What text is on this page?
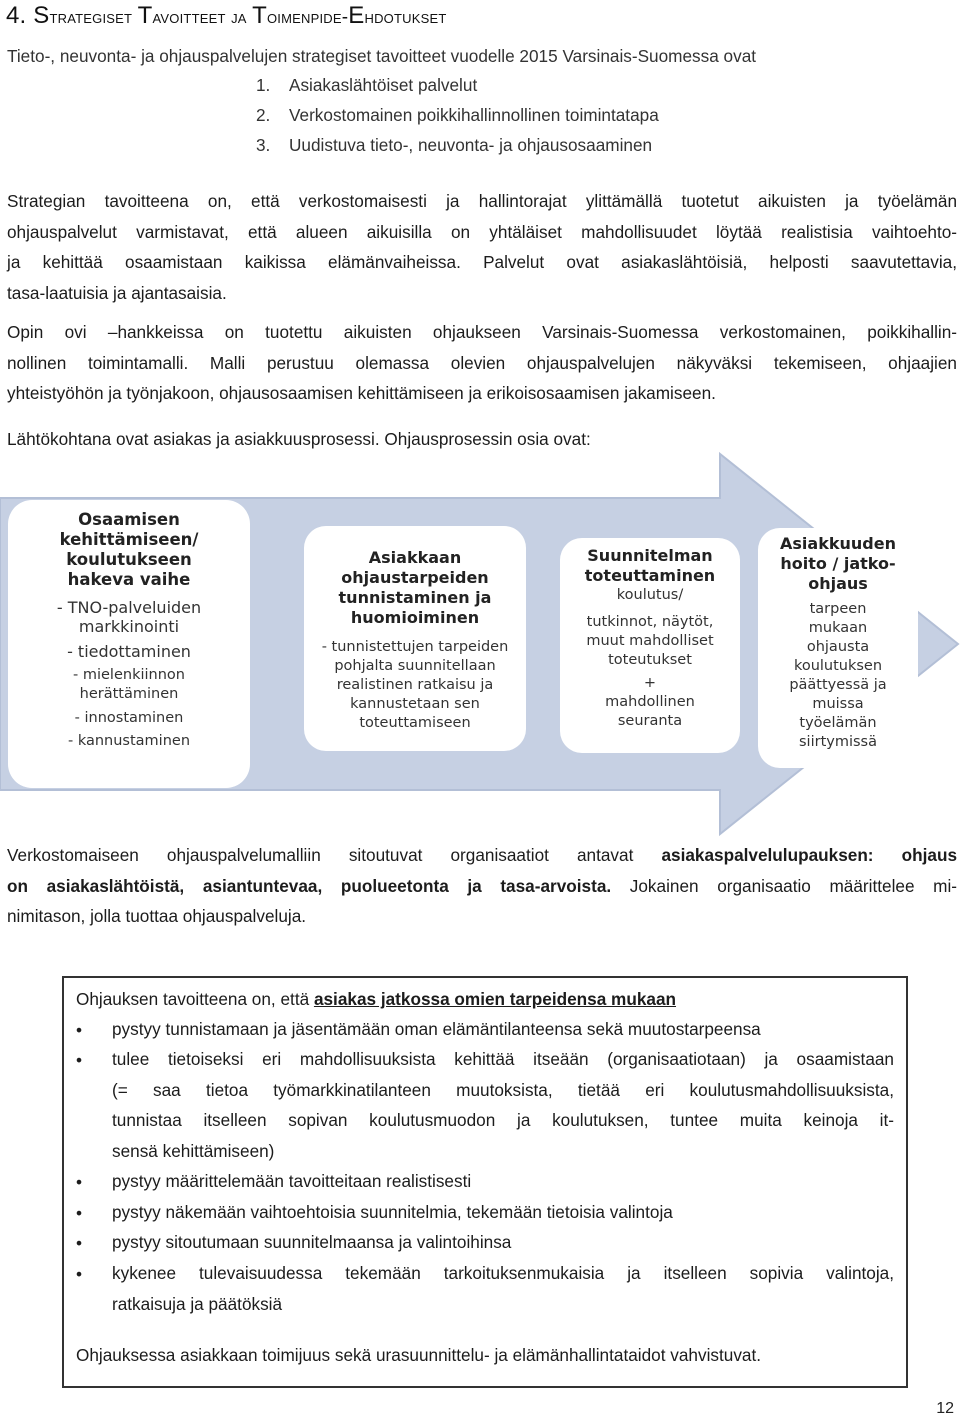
4. Strategiset Tavoitteet ja Toimenpide-Ehdotukset
Tieto-, neuvonta- ja ohjauspalvelujen strategiset tavoitteet vuodelle 2015 Varsinais-Suomessa ovat
1. Asiakaslähtöiset palvelut
2. Verkostomainen poikkihallinnollinen toimintatapa
3. Uudistuva tieto-, neuvonta- ja ohjausosaaminen
Strategian tavoitteena on, että verkostomaisesti ja hallintorajat ylittämällä tuotetut aikuisten ja työelämän
ohjauspalvelut varmistavat, että alueen aikuisilla on yhtäläiset mahdollisuudet löytää realistisia vaihtoehto-
ja kehittää osaamistaan kaikissa elämänvaiheissa. Palvelut ovat asiakaslähtöisiä, helposti saavutettavia,
tasa-laatuisia ja ajantasaisia.
Opin ovi –hankkeissa on tuotettu aikuisten ohjaukseen Varsinais-Suomessa verkostomainen, poikkihallin-
nollinen toimintamalli. Malli perustuu olemassa olevien ohjauspalvelujen näkyväksi tekemiseen, ohjaajien
yhteistyöhön ja työnjakoon, ohjausosaamisen kehittämiseen ja erikoisosaamisen jakamiseen.
Lähtökohtana ovat asiakas ja asiakkuusprosessi. Ohjausprosessin osia ovat:
Osaamisen
kehittämiseen/
koulutukseen
hakeva vaihe
- TNO-palveluiden
markkinointi
- tiedottaminen
- mielenkiinnon
herättäminen
- innostaminen
- kannustaminen
Asiakkaan
ohjaustarpeiden
tunnistaminen ja
huomioiminen
- tunnistettujen tarpeiden
pohjalta suunnitellaan
realistinen ratkaisu ja
kannustetaan sen
toteuttamiseen
Suunnitelman
toteuttaminen
koulutus/
tutkinnot, näytöt,
muut mahdolliset
toteutukset
+
mahdollinen
seuranta
Asiakkuuden
hoito / jatko-
ohjaus
tarpeen
mukaan
ohjausta
koulutuksen
päättyessä ja
muissa
työelämän
siirtymissä
Verkostomaiseen ohjauspalvelumalliin sitoutuvat organisaatiot antavat asiakaspalvelulupauksen: ohjaus
on asiakaslähtöistä, asiantuntevaa, puolueetonta ja tasa-arvoista. Jokainen organisaatio määrittelee mi-
nimitason, jolla tuottaa ohjauspalveluja.
Ohjauksen tavoitteena on, että asiakas jatkossa omien tarpeidensa mukaan
• pystyy tunnistamaan ja jäsentämään oman elämäntilanteensa sekä muutostarpeensa
• tulee tietoiseksi eri mahdollisuuksista kehittää itseään (organisaatiotaan) ja osaamistaan
(= saa tietoa työmarkkinatilanteen muutoksista, tietää eri koulutusmahdollisuuksista,
tunnistaa itselleen sopivan koulutusmuodon ja koulutuksen, tuntee muita keinoja it-
sensä kehittämiseen)
• pystyy määrittelemään tavoitteitaan realistisesti
• pystyy näkemään vaihtoehtoisia suunnitelmia, tekemään tietoisia valintoja
• pystyy sitoutumaan suunnitelmaansa ja valintoihinsa
• kykenee tulevaisuudessa tekemään tarkoituksenmukaisia ja itselleen sopivia valintoja,
ratkaisuja ja päätöksiä
Ohjauksessa asiakkaan toimijuus sekä urasuunnittelu- ja elämänhallintataidot vahvistuvat.
12
